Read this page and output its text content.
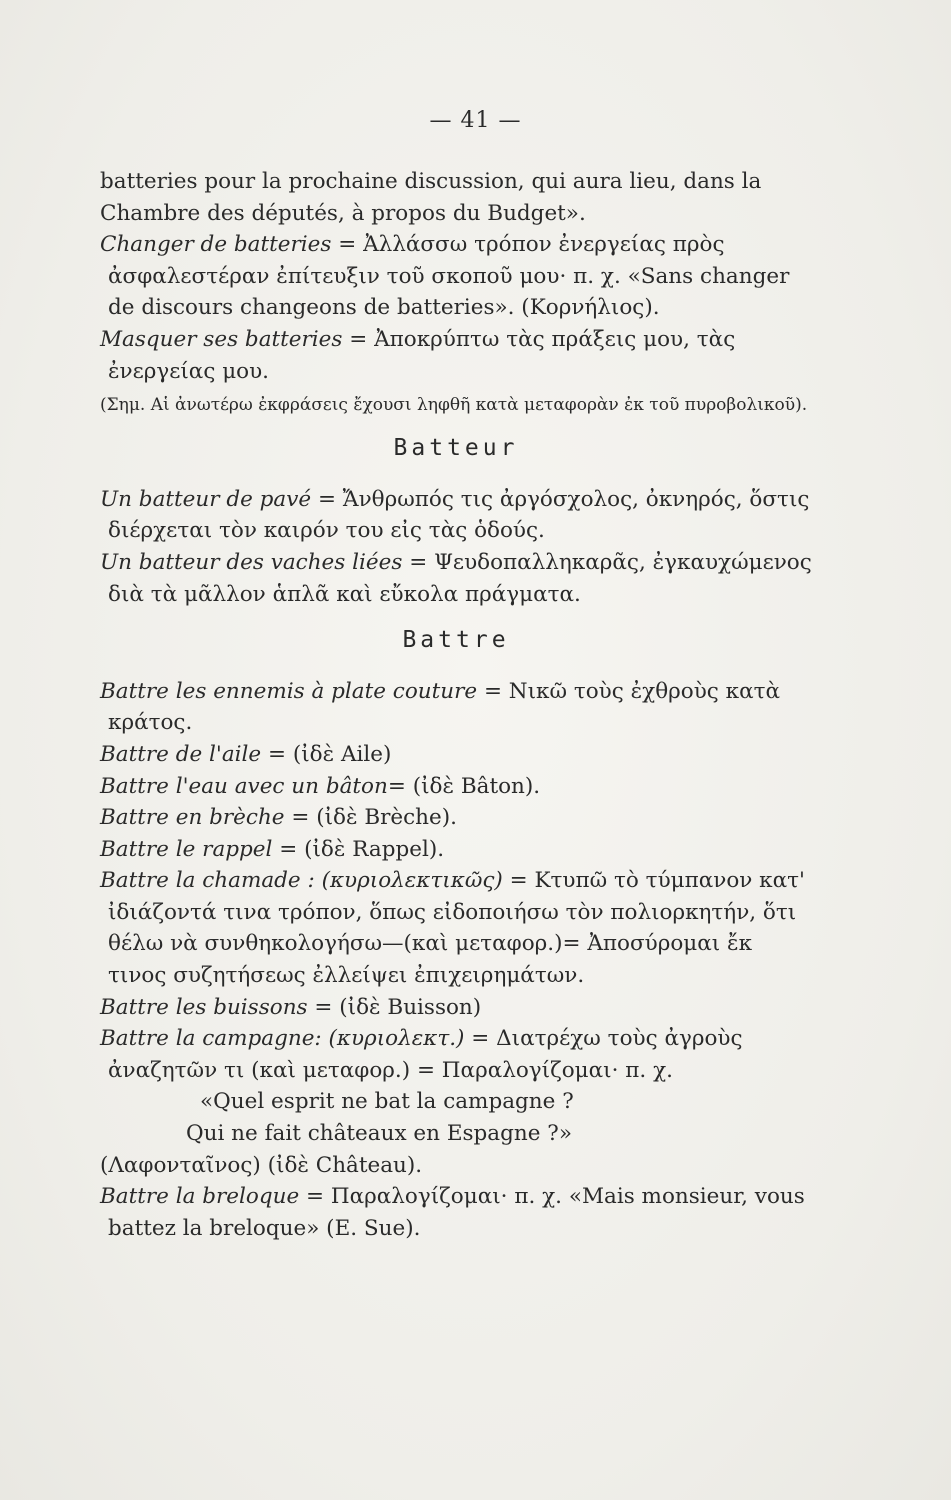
— 41 —

batteries pour la prochaine discussion, qui aura lieu, dans la Chambre des députés, à propos du Budget».

Changer de batteries = Ἀλλάσσω τρόπον ἐνεργείας πρὸς ἀσφαλεστέραν ἐπίτευξιν τοῦ σκοποῦ μου· π. χ. «Sans changer de discours changeons de batteries». (Κορνήλιος).

Masquer ses batteries = Ἀποκρύπτω τὰς πράξεις μου, τὰς ἐνεργείας μου.

(Σημ. Αἱ ἀνωτέρω ἐκφράσεις ἔχουσι ληφθῆ κατὰ μεταφορὰν ἐκ τοῦ πυροβολικοῦ).

Batteur

Un batteur de pavé = Ἄνθρωπός τις ἀργόσχολος, ὀκνηρός, ὅστις διέρχεται τὸν καιρόν του εἰς τὰς ὁδούς.

Un batteur des vaches liées = Ψευδοπαλληκαρᾶς, ἐγκαυχώμενος διὰ τὰ μᾶλλον ἁπλᾶ καὶ εὔκολα πράγματα.

Battre

Battre les ennemis à plate couture = Νικῶ τοὺς ἐχθροὺς κατὰ κράτος.

Battre de l'aile = (ἰδὲ Aile)

Battre l'eau avec un bâton= (ἰδὲ Bâton).

Battre en brèche = (ἰδὲ Brèche).

Battre le rappel = (ἰδὲ Rappel).

Battre la chamade : (κυριολεκτικῶς) = Κτυπῶ τὸ τύμπανον κατ' ἰδιάζοντά τινα τρόπον, ὅπως εἰδοποιήσω τὸν πολιορκητήν, ὅτι θέλω νὰ συνθηκολογήσω—(καὶ μεταφορ.)= Ἀποσύρομαι ἔκ τινος συζητήσεως ἐλλείψει ἐπιχειρημάτων.

Battre les buissons = (ἰδὲ Buisson)

Battre la campagne: (κυριολεκτ.) = Διατρέχω τοὺς ἀγροὺς ἀναζητῶν τι (καὶ μεταφορ.) = Παραλογίζομαι· π. χ.

«Quel esprit ne bat la campagne ?

Qui ne fait châteaux en Espagne ?»

(Λαφονταῖνος) (ἰδὲ Château).

Battre la breloque = Παραλογίζομαι· π. χ. «Mais monsieur, vous battez la breloque» (E. Sue).
